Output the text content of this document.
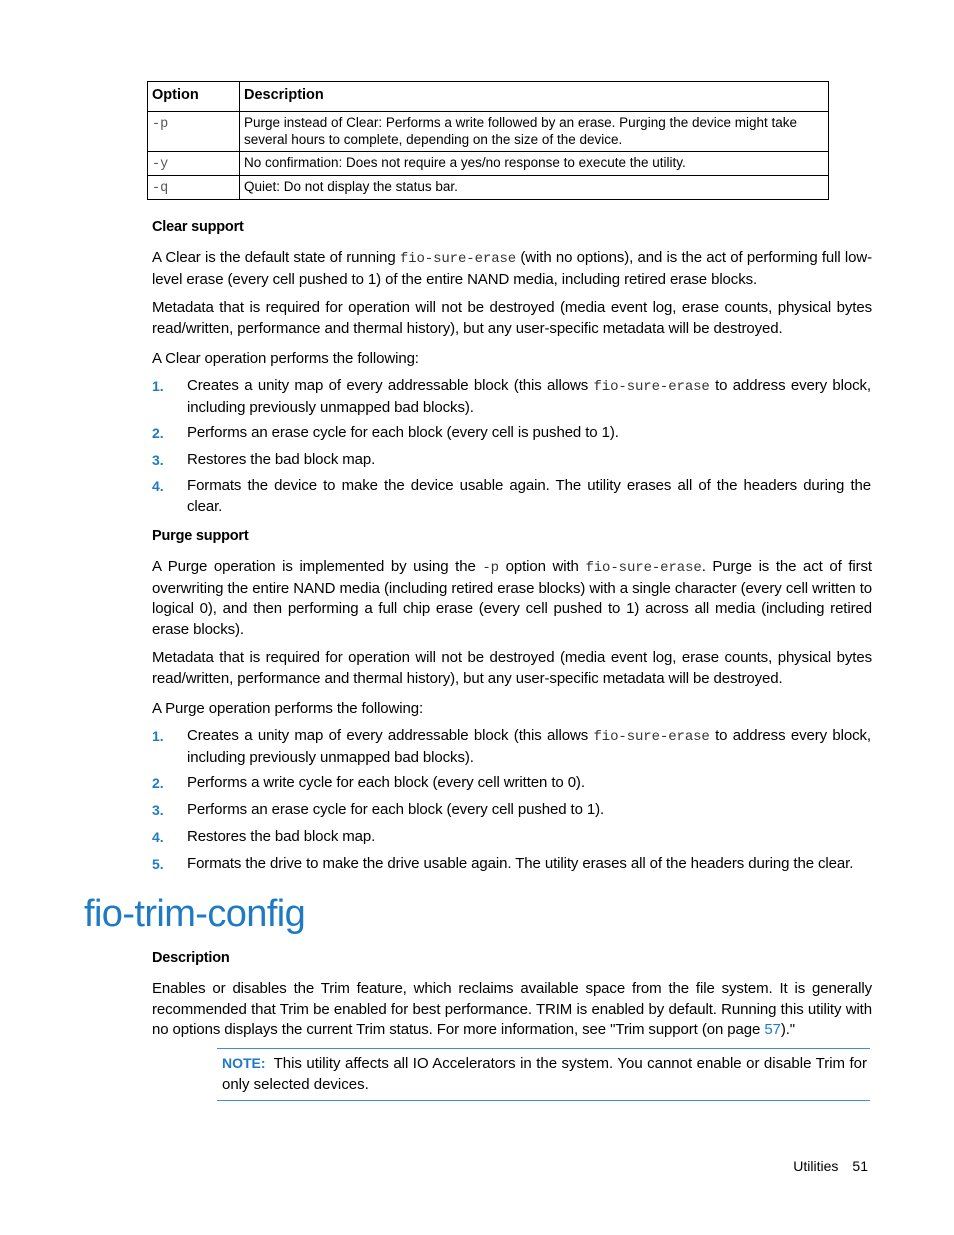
Option	Description
-p	Purge instead of Clear: Performs a write followed by an erase. Purging the device might take several hours to complete, depending on the size of the device.
-y	No confirmation: Does not require a yes/no response to execute the utility.
-q	Quiet: Do not display the status bar.
Clear support
A Clear is the default state of running fio-sure-erase (with no options), and is the act of performing full low-level erase (every cell pushed to 1) of the entire NAND media, including retired erase blocks.
Metadata that is required for operation will not be destroyed (media event log, erase counts, physical bytes read/written, performance and thermal history), but any user-specific metadata will be destroyed.
A Clear operation performs the following:
1. Creates a unity map of every addressable block (this allows fio-sure-erase to address every block, including previously unmapped bad blocks).
2. Performs an erase cycle for each block (every cell is pushed to 1).
3. Restores the bad block map.
4. Formats the device to make the device usable again. The utility erases all of the headers during the clear.
Purge support
A Purge operation is implemented by using the -p option with fio-sure-erase. Purge is the act of first overwriting the entire NAND media (including retired erase blocks) with a single character (every cell written to logical 0), and then performing a full chip erase (every cell pushed to 1) across all media (including retired erase blocks).
Metadata that is required for operation will not be destroyed (media event log, erase counts, physical bytes read/written, performance and thermal history), but any user-specific metadata will be destroyed.
A Purge operation performs the following:
1. Creates a unity map of every addressable block (this allows fio-sure-erase to address every block, including previously unmapped bad blocks).
2. Performs a write cycle for each block (every cell written to 0).
3. Performs an erase cycle for each block (every cell pushed to 1).
4. Restores the bad block map.
5. Formats the drive to make the drive usable again. The utility erases all of the headers during the clear.
fio-trim-config
Description
Enables or disables the Trim feature, which reclaims available space from the file system. It is generally recommended that Trim be enabled for best performance. TRIM is enabled by default. Running this utility with no options displays the current Trim status. For more information, see "Trim support (on page 57)."
NOTE: This utility affects all IO Accelerators in the system. You cannot enable or disable Trim for only selected devices.
Utilities 51
